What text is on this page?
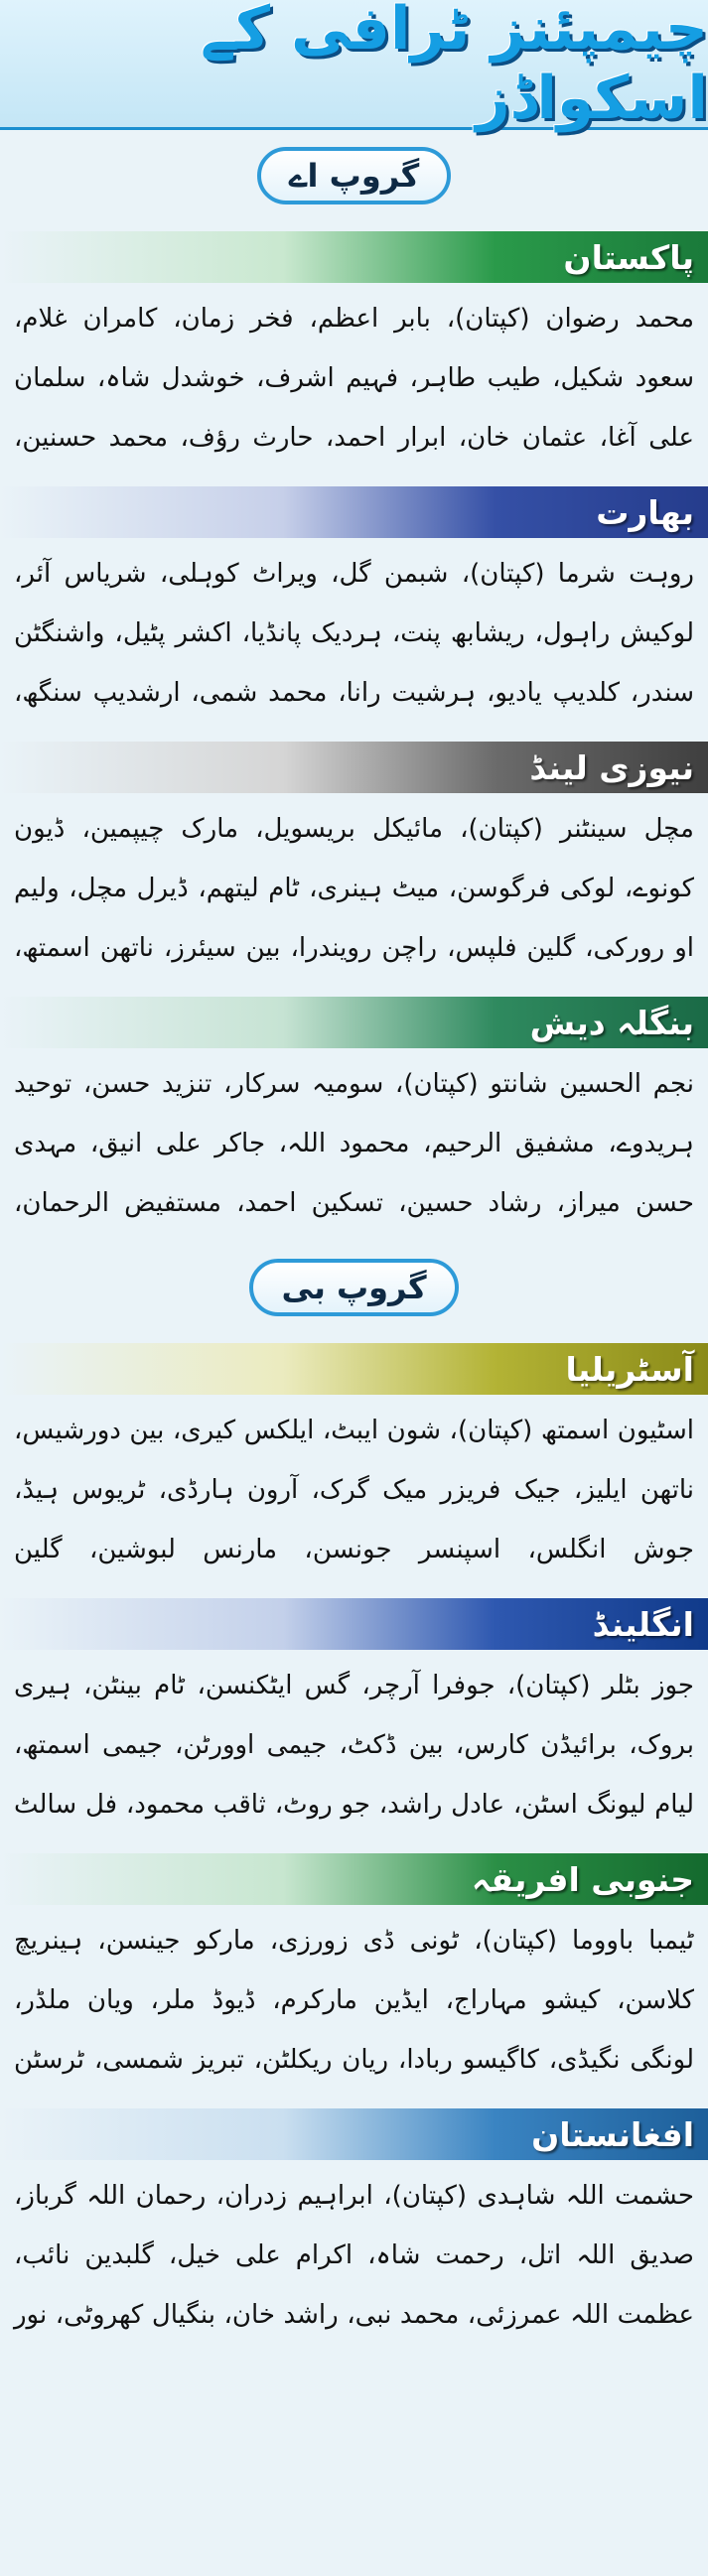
چیمپئنز ٹرافی کے اسکواڈز
گروپ اے
پاکستان

محمد رضوان (کپتان)، بابر اعظم، فخر زمان، کامران غلام، سعود شکیل، طیب طاہر، فہیم اشرف، خوشدل شاہ، سلمان علی آغا، عثمان خان، ابرار احمد، حارث رؤف، محمد حسنین،

بھارت

روہت شرما (کپتان)، شبمن گل، ویراٹ کوہلی، شریاس آئر، لوکیش راہول، ریشابھ پنت، ہردیک پانڈیا، اکشر پٹیل، واشنگٹن سندر، کلدیپ یادیو، ہرشیت رانا، محمد شمی، ارشدیپ سنگھ،

نیوزی لینڈ

مچل سینٹنر (کپتان)، مائیکل بریسویل، مارک چیپمین، ڈیون کونوے، لوکی فرگوسن، میٹ ہینری، ٹام لیتھم، ڈیرل مچل، ولیم او رورکی، گلین فلپس، راچن رویندرا، بین سیئرز، ناتھن اسمتھ،

بنگلہ دیش

نجم الحسین شانتو (کپتان)، سومیہ سرکار، تنزید حسن، توحید ہریدوے، مشفیق الرحیم، محمود اللہ، جاکر علی انیق، مہدی حسن میراز، رشاد حسین، تسکین احمد، مستفیض الرحمان،

گروپ بی
آسٹریلیا

اسٹیون اسمتھ (کپتان)، شون ایبٹ، ایلکس کیری، بین دورشیس، ناتھن ایلیز، جیک فریزر میک گرک، آرون ہارڈی، ٹریوس ہیڈ، جوش انگلس، اسپنسر جونسن، مارنس لبوشین، گلین

انگلینڈ

جوز بٹلر (کپتان)، جوفرا آرچر، گس ایٹکنسن، ٹام بینٹن، ہیری بروک، برائیڈن کارس، بین ڈکٹ، جیمی اوورٹن، جیمی اسمتھ، لیام لیونگ اسٹن، عادل راشد، جو روٹ، ثاقب محمود، فل سالٹ

جنوبی افریقہ

ٹیمبا باووما (کپتان)، ٹونی ڈی زورزی، مارکو جینسن، ہینریچ کلاسن، کیشو مہاراج، ایڈین مارکرم، ڈیوڈ ملر، ویان ملڈر، لونگی نگیڈی، کاگیسو ربادا، ریان ریکلٹن، تبریز شمسی، ٹرسٹن

افغانستان

حشمت اللہ شاہدی (کپتان)، ابراہیم زدران، رحمان اللہ گرباز، صدیق اللہ اتل، رحمت شاہ، اکرام علی خیل، گلبدین نائب، عظمت اللہ عمرزئی، محمد نبی، راشد خان، بنگیال کھروٹی، نور
